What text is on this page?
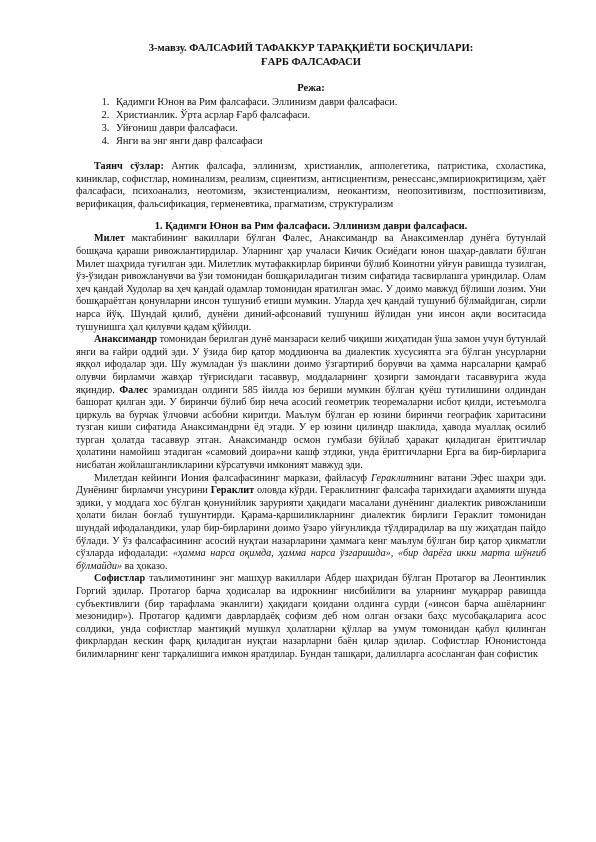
3-мавзу. ФАЛСАФИЙ ТАФАККУР ТАРАҚҚИЁТИ БОСҚИЧЛАРИ:

ҒАРБ ФАЛСАФАСИ

Режа:
1. Қадимги Юнон ва Рим фалсафаси. Эллинизм даври фалсафаси.
2. Христианлик. Ўрта асрлар Ғарб фалсафаси.
3. Уйғониш даври фалсафаси.
4. Янги ва энг янги давр фалсафаси

Таянч сўзлар: Антик фалсафа, эллинизм, христианлик, апполегетика, патристика, схоластика, киниклар, софистлар, номинализм, реализм, сциентизм, антисциентизм, ренессанс,эмпириокритицизм, ҳаёт фалсафаси, психоанализ, неотомизм, экзистенциализм, неокантизм, неопозитивизм, постпозитивизм, верификация, фальсификация, герменевтика, прагматизм, структурализм

1. Қадимги Юнон ва Рим фалсафаси. Эллинизм даври фалсафаси.

Милет мактабининг вакиллари бўлган Фалес, Анаксимандр ва Анаксименлар дунёга бутунлай бошқача қараши ривожлантирдилар. Уларнинг ҳар учаласи Кичик Осиёдаги юнон шаҳар-давлати бўлган Милет шаҳрида туғилган эди. Милетлик мутафаккирлар биринчи бўлиб Коинотни уйғун равишда тузилган, ўз-ўзидан ривожланувчи ва ўзи томонидан бошқариладиган тизим сифатида тасвирлашга уриндилар. Олам ҳеч қандай Худолар ва ҳеч қандай одамлар томонидан яратилган эмас. У доимо мавжуд бўлиши лозим. Уни бошқараётган қонунларни инсон тушуниб етиши мумкин. Уларда ҳеч қандай тушуниб бўлмайдиган, сирли нарса йўқ. Шундай қилиб, дунёни диний-афсонавий тушуниш йўлидан уни инсон ақли воситасида тушунишга ҳал қилувчи қадам қўйилди.

Анаксимандр томонидан берилган дунё манзараси келиб чиқиши жиҳатидан ўша замон учун бутунлай янги ва ғайри оддий эди. У ўзида бир қатор моддиюнча ва диалектик хусусиятга эга бўлган унсурларни яққол ифодалар эди. Шу жумладан ўз шаклини доимо ўзгартириб борувчи ва ҳамма нарсаларни қамраб олувчи бирламчи жавҳар тўғрисидаги тасаввур, моддаларнинг ҳозирги замондаги тасаввурига жуда яқиндир. Фалес эрамиздан олдинги 585 йилда юз бериши мумкин бўлган қуёш тутилишини олдиндан башорат қилган эди. У биринчи бўлиб бир неча асосий геометрик теоремаларни исбот қилди, истеъмолга циркуль ва бурчак ўлчовчи асбобни киритди. Маълум бўлган ер юзини биринчи географик харитасини тузган киши сифатида Анаксимандрни ёд этади. У ер юзини цилиндр шаклида, ҳавода муаллақ осилиб турган ҳолатда тасаввур этган. Анаксимандр осмон гумбази бўйлаб ҳаракат қиладиган ёритгичлар ҳолатини намойиш этадиган «самовий доира»ни кашф этдики, унда ёритгичларни Ерга ва бир-бирларига нисбатан жойлашганликларини кўрсатувчи имконият мавжуд эди.

Милетдан кейинги Иония фалсафасининг маркази, файласуф Гераклитнинг ватани Эфес шаҳри эди. Дунёнинг бирламчи унсурини Гераклит оловда кўрди. Гераклитнинг фалсафа тарихидаги аҳамияти шунда эдики, у моддага хос бўлган қонунийлик зарурияти ҳақидаги масалани дунёнинг диалектик ривожланиши ҳолати билан боғлаб тушунтирди. Қарама-қаршиликларнинг диалектик бирлиги Гераклит томонидан шундай ифодаландики, улар бир-бирларини доимо ўзаро уйғунликда тўлдирадилар ва шу жиҳатдан пайдо бўлади. У ўз фалсафасининг асосий нуқтаи назарларини ҳаммага кенг маълум бўлган бир қатор ҳикматли сўзларда ифодалади: «ҳамма нарса оқимда, ҳамма нарса ўзгаришда», «бир дарёга икки марта шўнғиб бўлмайди» ва ҳоказо.

Софистлар таълимотининг энг машҳур вакиллари Абдер шаҳридан бўлган Протагор ва Леонтинлик Горгий эдилар. Протагор барча ҳодисалар ва идрокнинг нисбийлиги ва уларнинг муқаррар равишда субъективлиги (бир тарафлама эканлиги) ҳақидаги қоидани олдинга сурди («инсон барча ашёларнинг мезонидир»). Протагор қадимги даврлардаёқ софизм деб ном олган оғзаки баҳс мусобақаларига асос солдики, унда софистлар мантиқий мушкул ҳолатларни қўллар ва умум томонидан қабул қилинган фикрлардан кескин фарқ қиладиган нуқтаи назарларни баён қилар эдилар. Софистлар Юнонистонда билимларнинг кенг тарқалишига имкон яратдилар. Бундан ташқари, далилларга асосланган фан софистик
